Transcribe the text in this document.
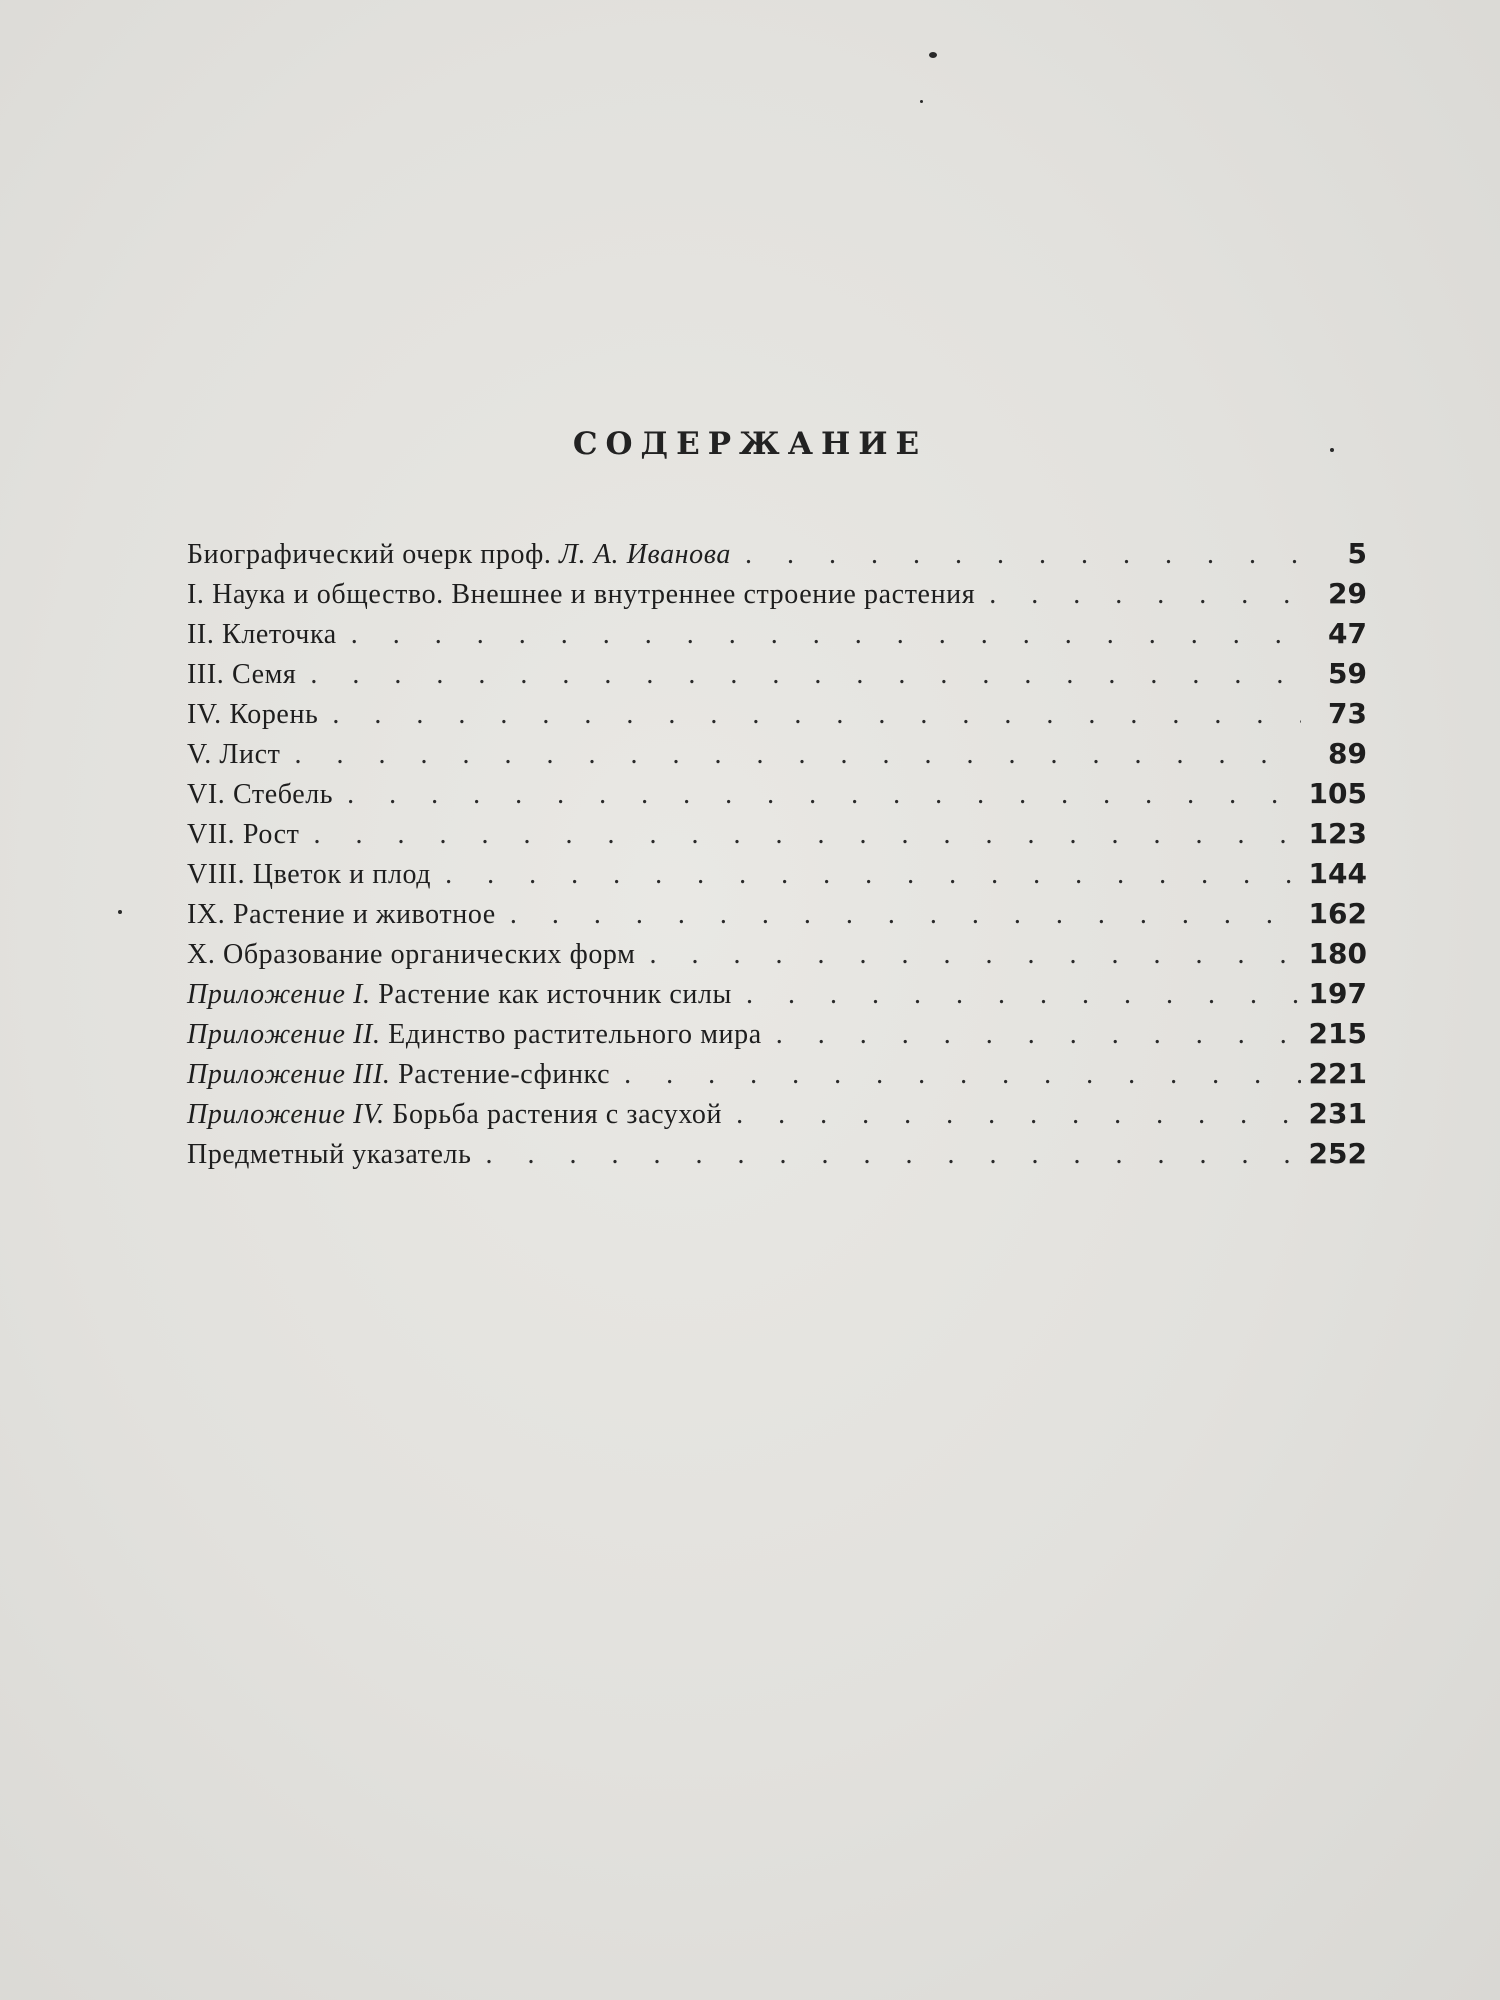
СОДЕРЖАНИЕ
Биографический очерк проф. Л. А. Иванова . . .	5
I. Наука и общество. Внешнее и внутреннее строение растения . . .	29
II. Клеточка . . .	47
III. Семя . . .	59
IV. Корень . . .	73
V. Лист . . .	89
VI. Стебель . . .	105
VII. Рост . . .	123
VIII. Цветок и плод . . .	144
IX. Растение и животное . . .	162
X. Образование органических форм . . .	180
Приложение I. Растение как источник силы . . .	197
Приложение II. Единство растительного мира . . .	215
Приложение III. Растение-сфинкс . . .	221
Приложение IV. Борьба растения с засухой . . .	231
Предметный указатель . . .	252
